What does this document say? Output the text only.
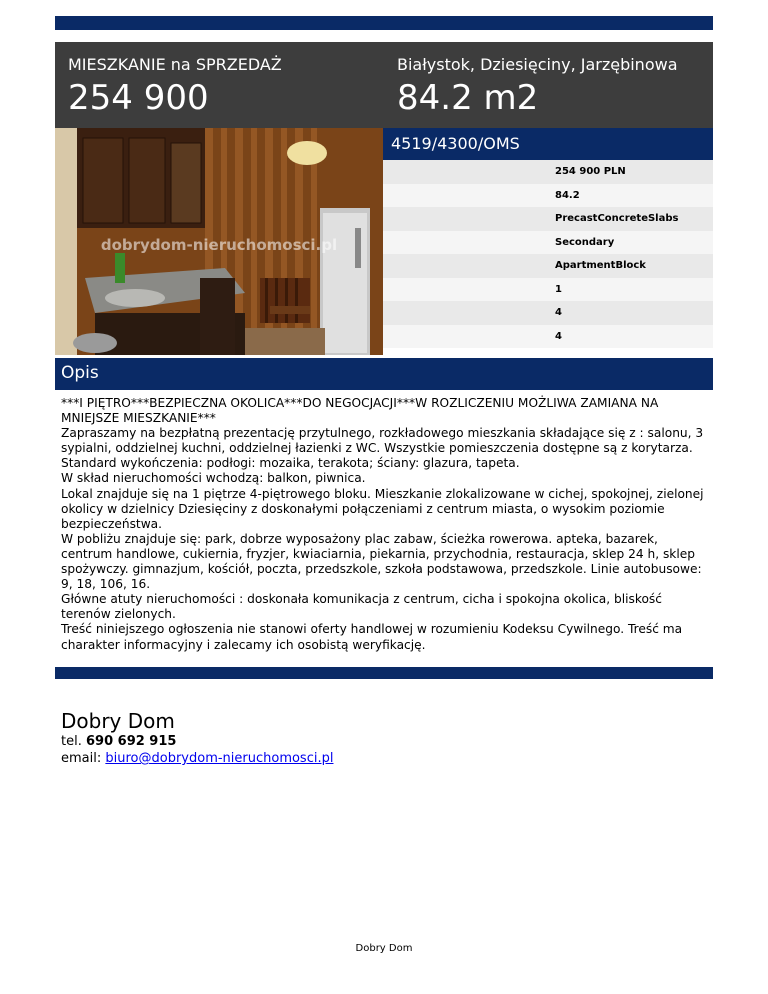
MIESZKANIE na SPRZEDAŻ
254 900
Białystok, Dziesięciny, Jarzębinowa
84.2 m2
dobrydom-nieruchomosci.pl
4519/4300/OMS
254 900 PLN
84.2
PrecastConcreteSlabs
Secondary
ApartmentBlock
1
4
4
Opis

***I PIĘTRO***BEZPIECZNA OKOLICA***DO NEGOCJACJI***W ROZLICZENIU MOŻLIWA ZAMIANA NA MNIEJSZE MIESZKANIE***

Zapraszamy na bezpłatną prezentację przytulnego, rozkładowego mieszkania składające się z : salonu, 3 sypialni, oddzielnej kuchni, oddzielnej łazienki z WC. Wszystkie pomieszczenia dostępne są z korytarza.

Standard wykończenia: podłogi: mozaika, terakota; ściany: glazura, tapeta.

W skład nieruchomości wchodzą: balkon, piwnica.

Lokal znajduje się na 1 piętrze 4-piętrowego bloku. Mieszkanie zlokalizowane w cichej, spokojnej, zielonej okolicy w dzielnicy Dziesięciny z doskonałymi połączeniami z centrum miasta, o wysokim poziomie bezpieczeństwa.

W pobliżu znajduje się: park, dobrze wyposażony plac zabaw, ścieżka rowerowa. apteka, bazarek, centrum handlowe, cukiernia, fryzjer, kwiaciarnia, piekarnia, przychodnia, restauracja, sklep 24 h, sklep spożywczy. gimnazjum, kościół, poczta, przedszkole, szkoła podstawowa, przedszkole. Linie autobusowe: 9, 18, 106, 16.

Główne atuty nieruchomości : doskonała komunikacja z centrum, cicha i spokojna okolica, bliskość terenów zielonych.

Treść niniejszego ogłoszenia nie stanowi oferty handlowej w rozumieniu Kodeksu Cywilnego. Treść ma charakter informacyjny i zalecamy ich osobistą weryfikację.

Dobry Dom
tel. 690 692 915
email: biuro@dobrydom-nieruchomosci.pl
Dobry Dom
